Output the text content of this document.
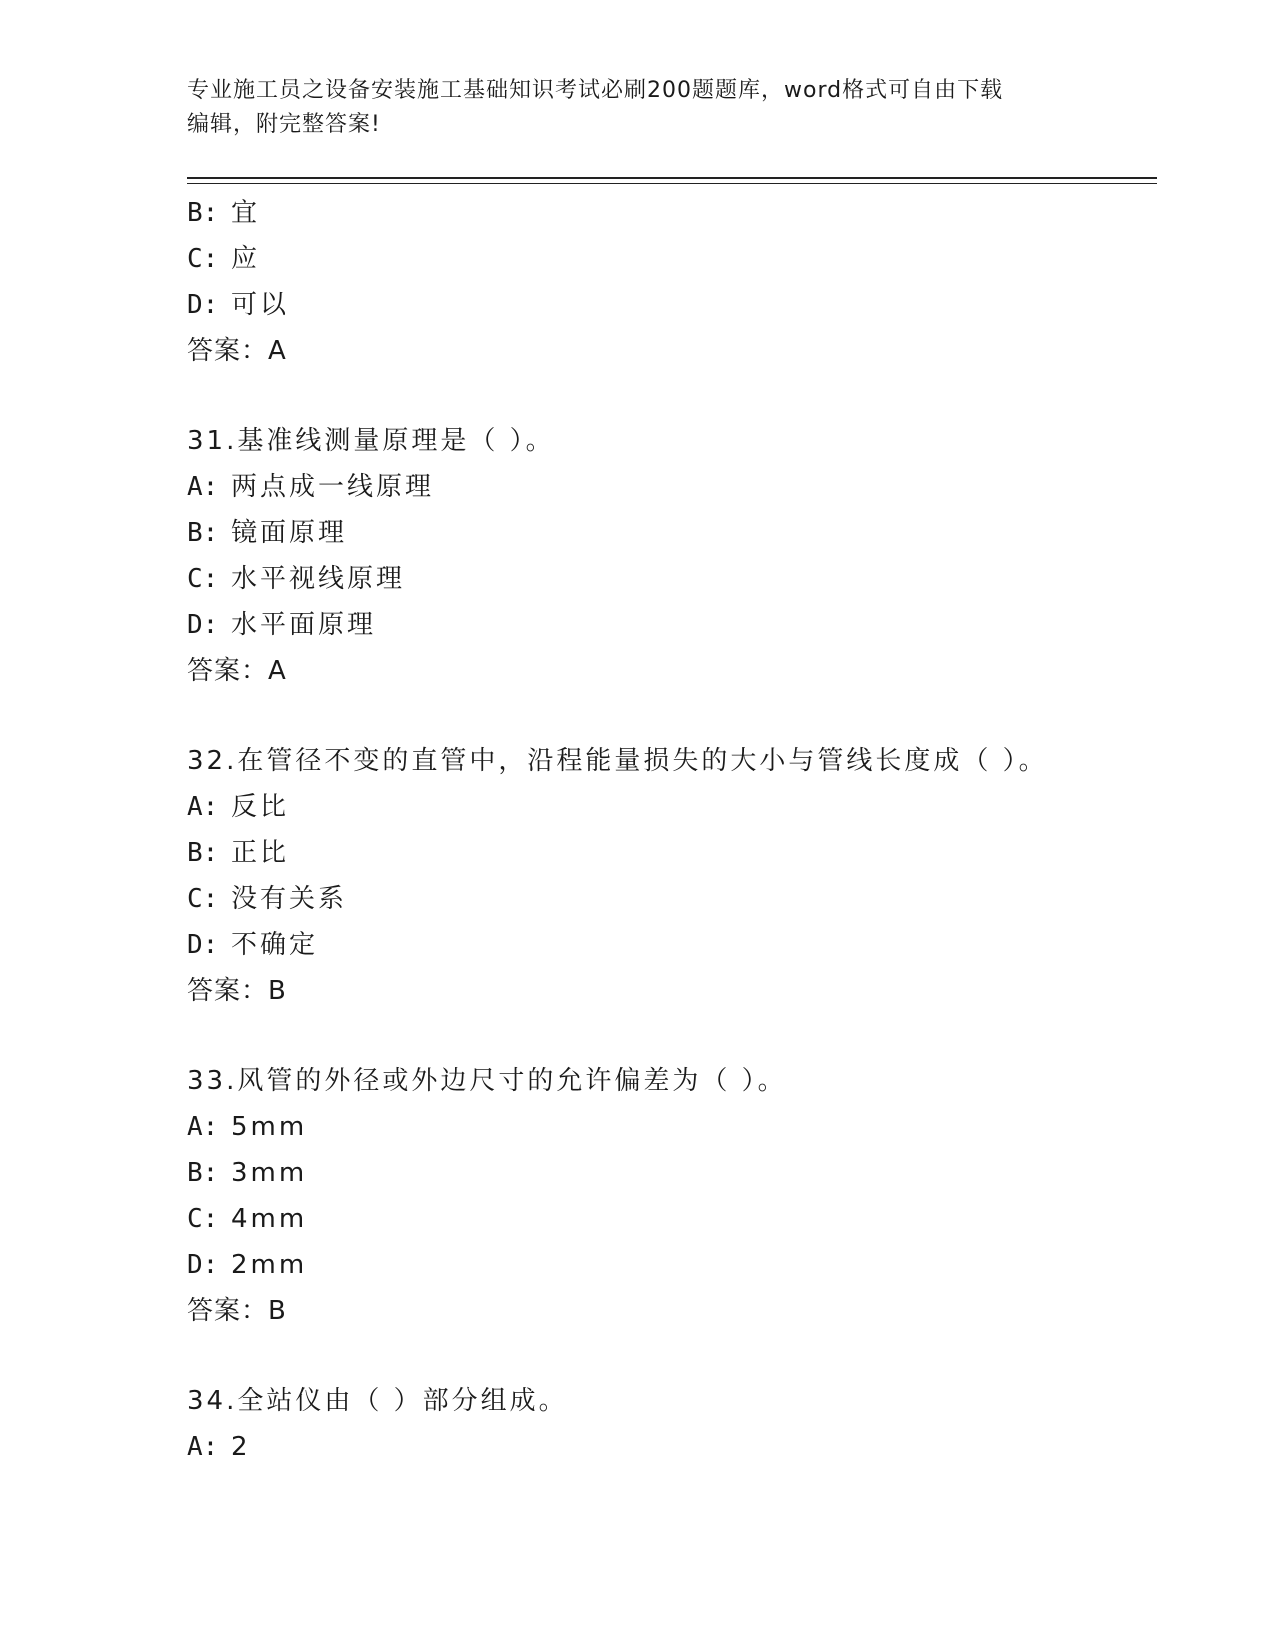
专业施工员之设备安装施工基础知识考试必刷200题题库，word格式可自由下载
编辑，附完整答案!
B: 宜
C: 应
D: 可以
答案：A
31.基准线测量原理是（ ）。
A: 两点成一线原理
B: 镜面原理
C: 水平视线原理
D: 水平面原理
答案：A
32.在管径不变的直管中，沿程能量损失的大小与管线长度成（ ）。
A: 反比
B: 正比
C: 没有关系
D: 不确定
答案：B
33.风管的外径或外边尺寸的允许偏差为（ ）。
A: 5mm
B: 3mm
C: 4mm
D: 2mm
答案：B
34.全站仪由（ ）部分组成。
A: 2
